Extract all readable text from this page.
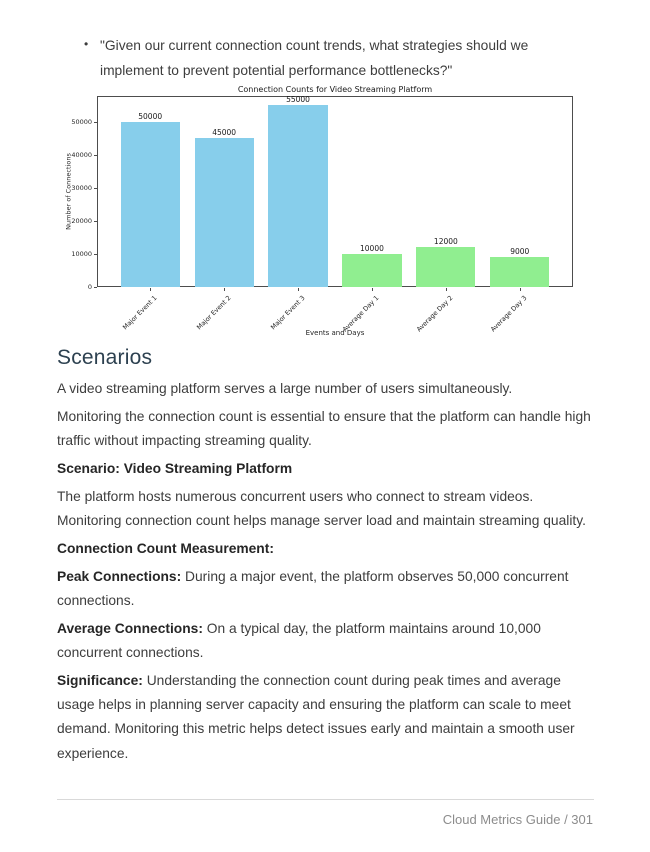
• "Given our current connection count trends, what strategies should we implement to prevent potential performance bottlenecks?"
Connection Counts for Video Streaming Platform
Number of Connections
Events and Days
0
10000
20000
30000
40000
50000
50000
Major Event 1
45000
Major Event 2
55000
Major Event 3
10000
Average Day 1
12000
Average Day 2
9000
Average Day 3
Scenarios

A video streaming platform serves a large number of users simultaneously.

Monitoring the connection count is essential to ensure that the platform can handle high traffic without impacting streaming quality.

Scenario: Video Streaming Platform

The platform hosts numerous concurrent users who connect to stream videos. Monitoring connection count helps manage server load and maintain streaming quality.

Connection Count Measurement:

Peak Connections: During a major event, the platform observes 50,000 concurrent connections.

Average Connections: On a typical day, the platform maintains around 10,000 concurrent connections.

Significance: Understanding the connection count during peak times and average usage helps in planning server capacity and ensuring the platform can scale to meet demand. Monitoring this metric helps detect issues early and maintain a smooth user experience.

Cloud Metrics Guide / 301
